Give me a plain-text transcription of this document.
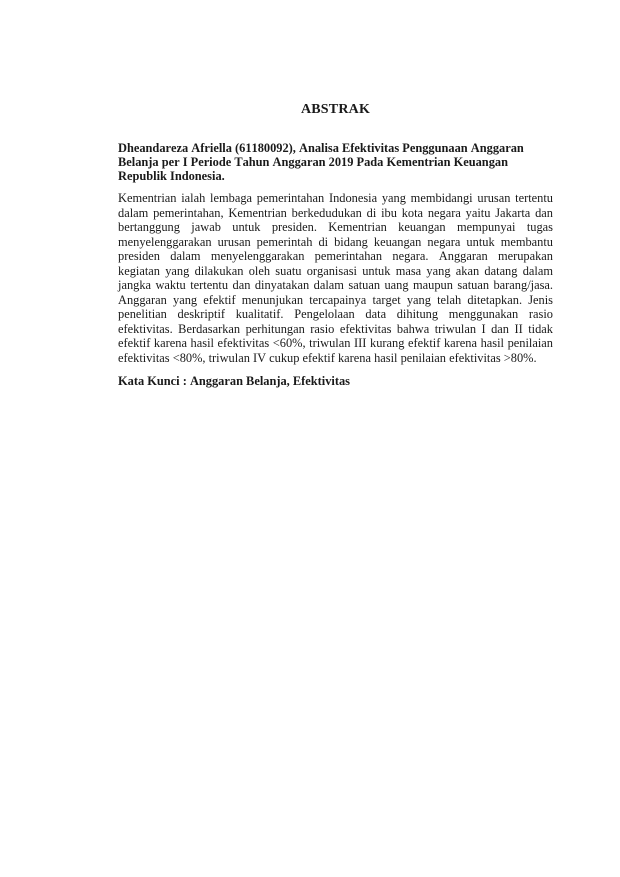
ABSTRAK
Dheandareza Afriella (61180092), Analisa Efektivitas Penggunaan Anggaran Belanja per I Periode Tahun Anggaran 2019 Pada Kementrian Keuangan Republik Indonesia.

Kementrian ialah lembaga pemerintahan Indonesia yang membidangi urusan tertentu dalam pemerintahan, Kementrian berkedudukan di ibu kota negara yaitu Jakarta dan bertanggung jawab untuk presiden. Kementrian keuangan mempunyai tugas menyelenggarakan urusan pemerintah di bidang keuangan negara untuk membantu presiden dalam menyelenggarakan pemerintahan negara. Anggaran merupakan kegiatan yang dilakukan oleh suatu organisasi untuk masa yang akan datang dalam jangka waktu tertentu dan dinyatakan dalam satuan uang maupun satuan barang/jasa. Anggaran yang efektif menunjukan tercapainya target yang telah ditetapkan. Jenis penelitian deskriptif kualitatif. Pengelolaan data dihitung menggunakan rasio efektivitas. Berdasarkan perhitungan rasio efektivitas bahwa triwulan I dan II tidak efektif karena hasil efektivitas <60%, triwulan III kurang efektif karena hasil penilaian efektivitas <80%, triwulan IV cukup efektif karena hasil penilaian efektivitas >80%.

Kata Kunci : Anggaran Belanja, Efektivitas
